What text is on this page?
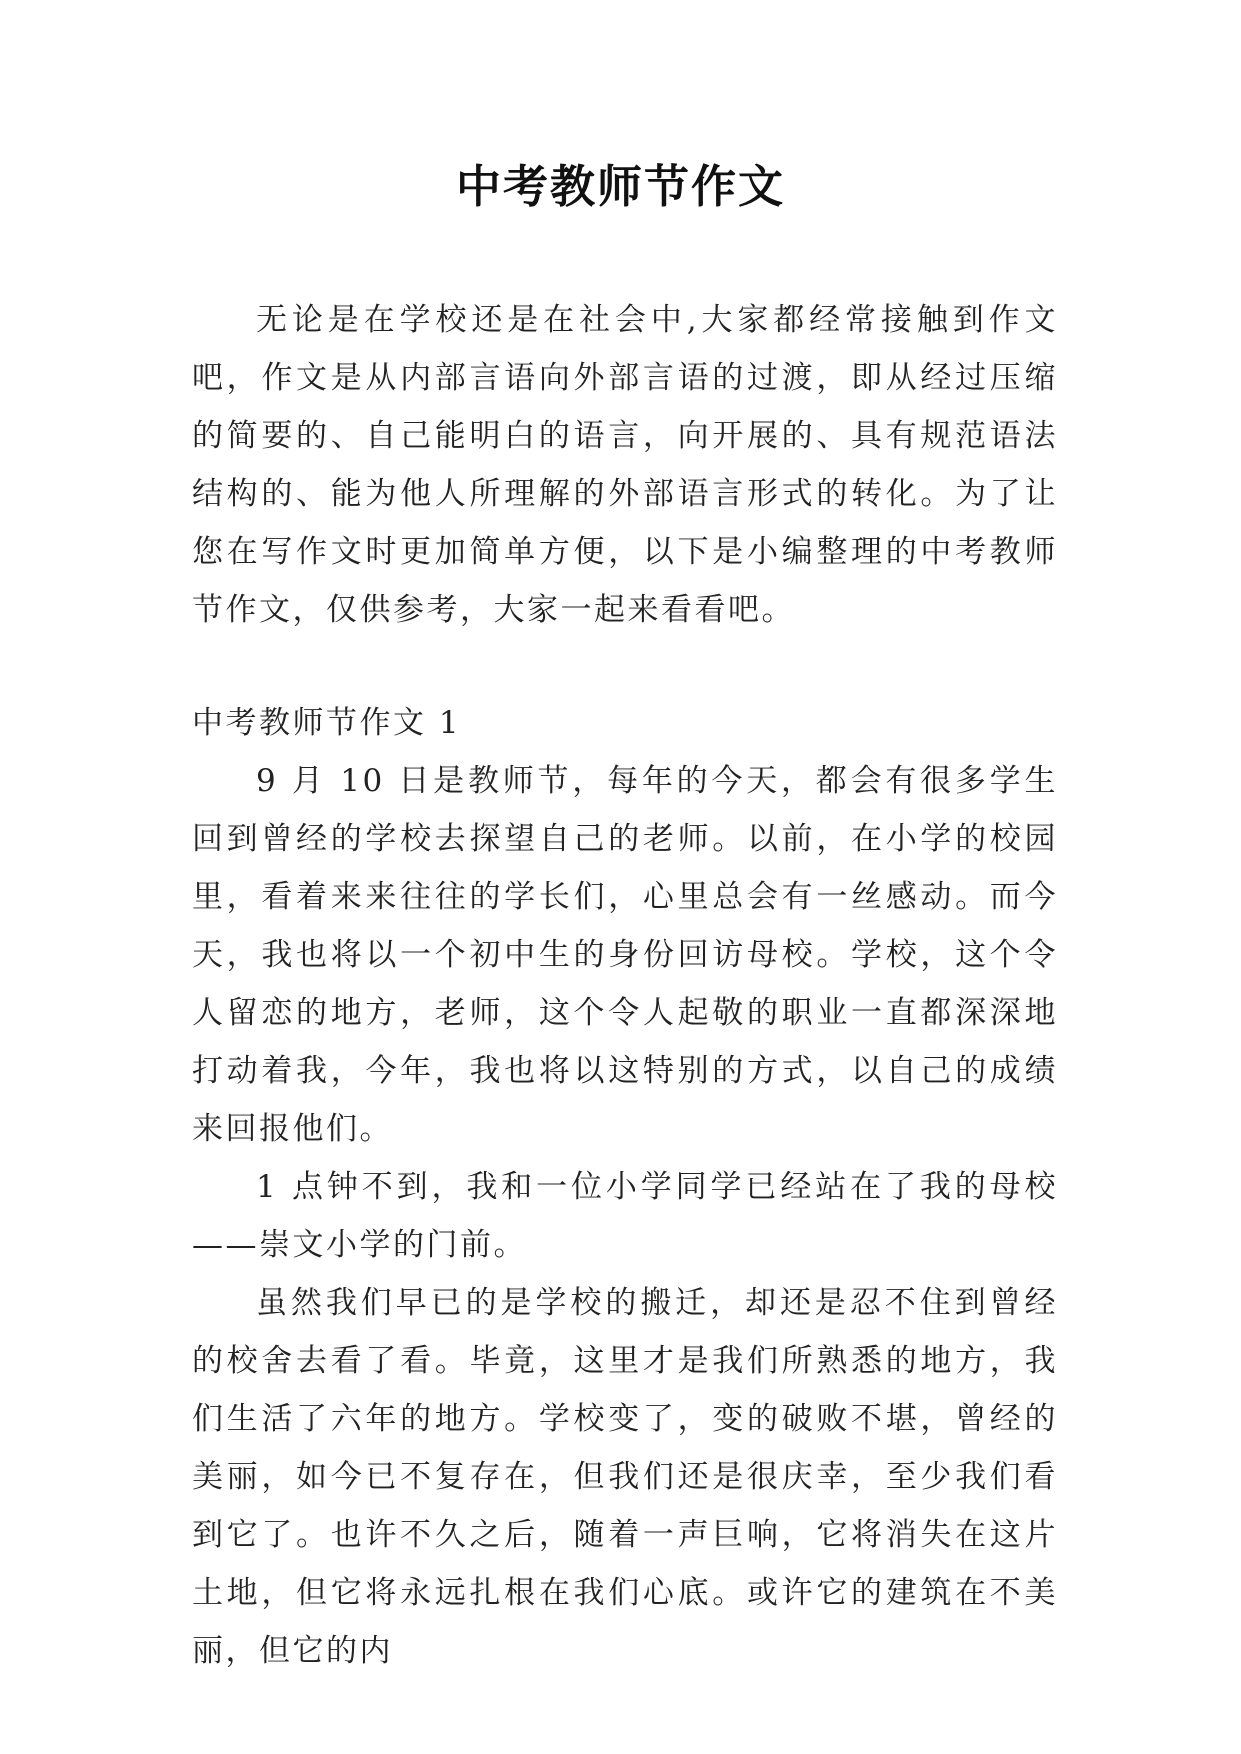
中考教师节作文

无论是在学校还是在社会中,大家都经常接触到作文吧，作文是从内部言语向外部言语的过渡，即从经过压缩的简要的、自己能明白的语言，向开展的、具有规范语法结构的、能为他人所理解的外部语言形式的转化。为了让您在写作文时更加简单方便，以下是小编整理的中考教师节作文，仅供参考，大家一起来看看吧。

中考教师节作文 1

9 月 10 日是教师节，每年的今天，都会有很多学生回到曾经的学校去探望自己的老师。以前，在小学的校园里，看着来来往往的学长们，心里总会有一丝感动。而今天，我也将以一个初中生的身份回访母校。学校，这个令人留恋的地方，老师，这个令人起敬的职业一直都深深地打动着我，今年，我也将以这特别的方式，以自己的成绩来回报他们。

1 点钟不到，我和一位小学同学已经站在了我的母校——崇文小学的门前。

虽然我们早已的是学校的搬迁，却还是忍不住到曾经的校舍去看了看。毕竟，这里才是我们所熟悉的地方，我们生活了六年的地方。学校变了，变的破败不堪，曾经的美丽，如今已不复存在，但我们还是很庆幸，至少我们看到它了。也许不久之后，随着一声巨响，它将消失在这片土地，但它将永远扎根在我们心底。或许它的建筑在不美丽，但它的内
